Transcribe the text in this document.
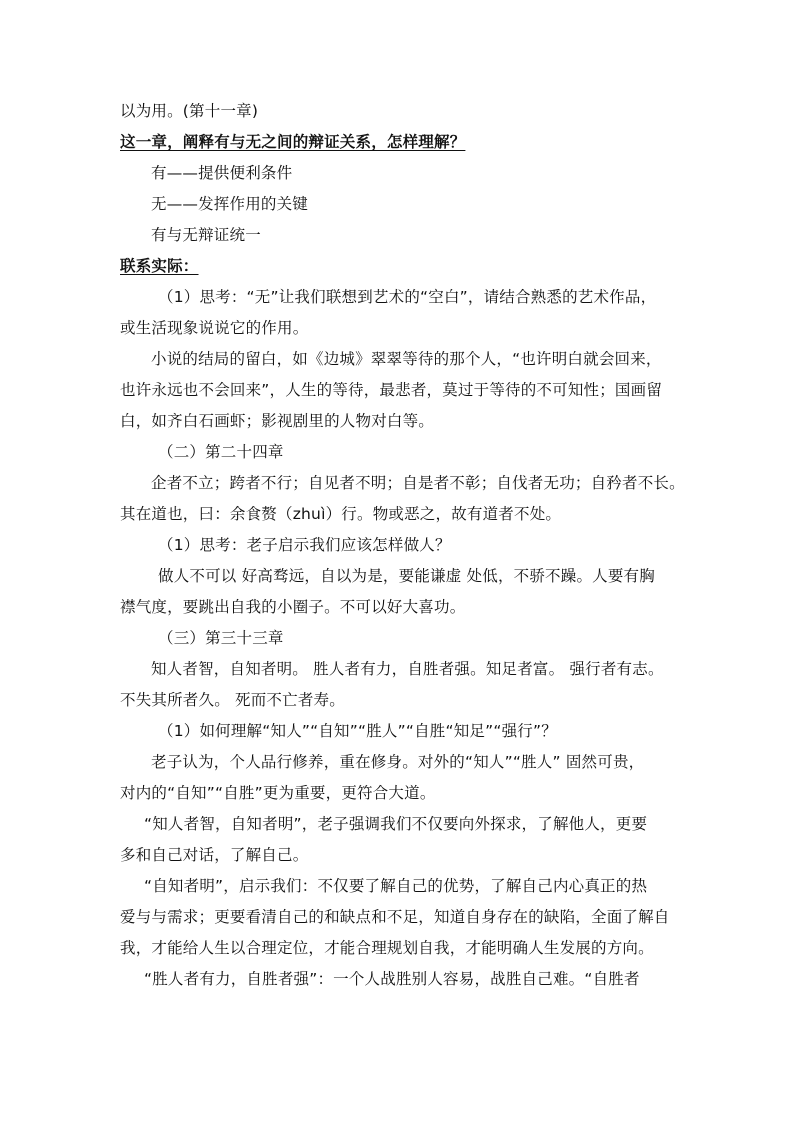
以为用。(第十一章)
这一章，阐释有与无之间的辩证关系，怎样理解？
有——提供便利条件
无——发挥作用的关键
有与无辩证统一
联系实际：
（1）思考：“无”让我们联想到艺术的“空白”，请结合熟悉的艺术作品，
或生活现象说说它的作用。
小说的结局的留白，如《边城》翠翠等待的那个人，“也许明白就会回来，
也许永远也不会回来”，人生的等待，最悲者，莫过于等待的不可知性；国画留
白，如齐白石画虾；影视剧里的人物对白等。
（二）第二十四章
企者不立；跨者不行；自见者不明；自是者不彰；自伐者无功；自矜者不长。
其在道也，曰：余食赘（zhuì）行。物或恶之，故有道者不处。
（1）思考：老子启示我们应该怎样做人？
做人不可以 好高骛远，自以为是，要能谦虚 处低，不骄不躁。人要有胸
襟气度，要跳出自我的小圈子。不可以好大喜功。
（三）第三十三章
知人者智，自知者明。 胜人者有力，自胜者强。知足者富。 强行者有志。
不失其所者久。 死而不亡者寿。
（1）如何理解“知人”“自知”“胜人”“自胜“知足”“强行”？
老子认为，个人品行修养，重在修身。对外的“知人”“胜人” 固然可贵，
对内的“自知”“自胜”更为重要，更符合大道。
“知人者智，自知者明”，老子强调我们不仅要向外探求，了解他人，更要
多和自己对话，了解自己。
“自知者明”，启示我们：不仅要了解自己的优势，了解自己内心真正的热
爱与与需求；更要看清自己的和缺点和不足，知道自身存在的缺陷，全面了解自
我，才能给人生以合理定位，才能合理规划自我，才能明确人生发展的方向。
“胜人者有力，自胜者强”：一个人战胜别人容易，战胜自己难。“自胜者
